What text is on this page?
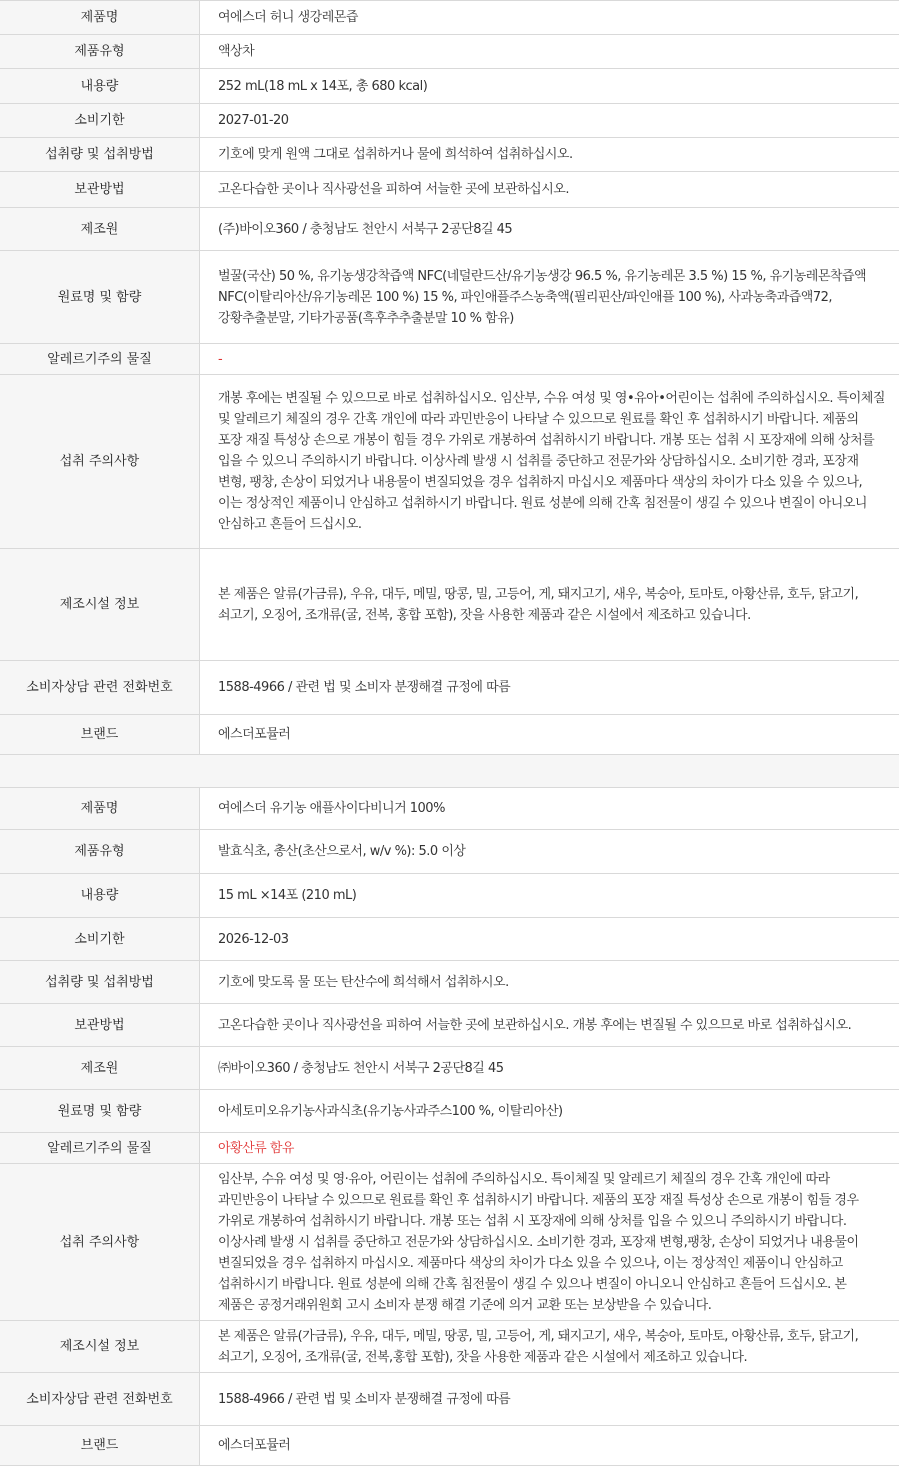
제품명	여에스더 허니 생강레몬즙
제품유형	액상차
내용량	252 mL(18 mL x 14포, 총 680 kcal)
소비기한	2027-01-20
섭취량 및 섭취방법	기호에 맞게 원액 그대로 섭취하거나 물에 희석하여 섭취하십시오.
보관방법	고온다습한 곳이나 직사광선을 피하여 서늘한 곳에 보관하십시오.
제조원	(주)바이오360 / 충청남도 천안시 서북구 2공단8길 45
원료명 및 함량	벌꿀(국산) 50 %, 유기농생강착즙액 NFC(네덜란드산/유기농생강 96.5 %, 유기농레몬 3.5 %) 15 %, 유기농레몬착즙액 NFC(이탈리아산/유기농레몬 100 %) 15 %, 파인애플주스농축액(필리핀산/파인애플 100 %), 사과농축과즙액72, 강황추출분말, 기타가공품(흑후추추출분말 10 % 함유)
알레르기주의 물질	-
섭취 주의사항	개봉 후에는 변질될 수 있으므로 바로 섭취하십시오. 임산부, 수유 여성 및 영•유아•어린이는 섭취에 주의하십시오. 특이체질 및 알레르기 체질의 경우 간혹 개인에 따라 과민반응이 나타날 수 있으므로 원료를 확인 후 섭취하시기 바랍니다. 제품의 포장 재질 특성상 손으로 개봉이 힘들 경우 가위로 개봉하여 섭취하시기 바랍니다. 개봉 또는 섭취 시 포장재에 의해 상처를 입을 수 있으니 주의하시기 바랍니다. 이상사례 발생 시 섭취를 중단하고 전문가와 상담하십시오. 소비기한 경과, 포장재 변형, 팽창, 손상이 되었거나 내용물이 변질되었을 경우 섭취하지 마십시오 제품마다 색상의 차이가 다소 있을 수 있으나, 이는 정상적인 제품이니 안심하고 섭취하시기 바랍니다. 원료 성분에 의해 간혹 침전물이 생길 수 있으나 변질이 아니오니 안심하고 흔들어 드십시오.
제조시설 정보	본 제품은 알류(가금류), 우유, 대두, 메밀, 땅콩, 밀, 고등어, 게, 돼지고기, 새우, 복숭아, 토마토, 아황산류, 호두, 닭고기, 쇠고기, 오징어, 조개류(굴, 전복, 홍합 포함), 잣을 사용한 제품과 같은 시설에서 제조하고 있습니다.
소비자상담 관련 전화번호	1588-4966 / 관련 법 및 소비자 분쟁해결 규정에 따름
브랜드	에스더포뮬러

제품명	여에스더 유기농 애플사이다비니거 100%
제품유형	발효식초, 총산(초산으로서, w/v %): 5.0 이상
내용량	15 mL ×14포 (210 mL)
소비기한	2026-12-03
섭취량 및 섭취방법	기호에 맞도록 물 또는 탄산수에 희석해서 섭취하시오.
보관방법	고온다습한 곳이나 직사광선을 피하여 서늘한 곳에 보관하십시오. 개봉 후에는 변질될 수 있으므로 바로 섭취하십시오.
제조원	㈜바이오360 / 충청남도 천안시 서북구 2공단8길 45
원료명 및 함량	아세토미오유기농사과식초(유기농사과주스100 %, 이탈리아산)
알레르기주의 물질	아황산류 함유
섭취 주의사항	임산부, 수유 여성 및 영·유아, 어린이는 섭취에 주의하십시오. 특이체질 및 알레르기 체질의 경우 간혹 개인에 따라 과민반응이 나타날 수 있으므로 원료를 확인 후 섭취하시기 바랍니다. 제품의 포장 재질 특성상 손으로 개봉이 힘들 경우 가위로 개봉하여 섭취하시기 바랍니다. 개봉 또는 섭취 시 포장재에 의해 상처를 입을 수 있으니 주의하시기 바랍니다. 이상사례 발생 시 섭취를 중단하고 전문가와 상담하십시오. 소비기한 경과, 포장재 변형,팽창, 손상이 되었거나 내용물이 변질되었을 경우 섭취하지 마십시오. 제품마다 색상의 차이가 다소 있을 수 있으나, 이는 정상적인 제품이니 안심하고 섭취하시기 바랍니다. 원료 성분에 의해 간혹 침전물이 생길 수 있으나 변질이 아니오니 안심하고 흔들어 드십시오. 본 제품은 공정거래위원회 고시 소비자 분쟁 해결 기준에 의거 교환 또는 보상받을 수 있습니다.
제조시설 정보	본 제품은 알류(가금류), 우유, 대두, 메밀, 땅콩, 밀, 고등어, 게, 돼지고기, 새우, 복숭아, 토마토, 아황산류, 호두, 닭고기, 쇠고기, 오징어, 조개류(굴, 전복,홍합 포함), 잣을 사용한 제품과 같은 시설에서 제조하고 있습니다.
소비자상담 관련 전화번호	1588-4966 / 관련 법 및 소비자 분쟁해결 규정에 따름
브랜드	에스더포뮬러
